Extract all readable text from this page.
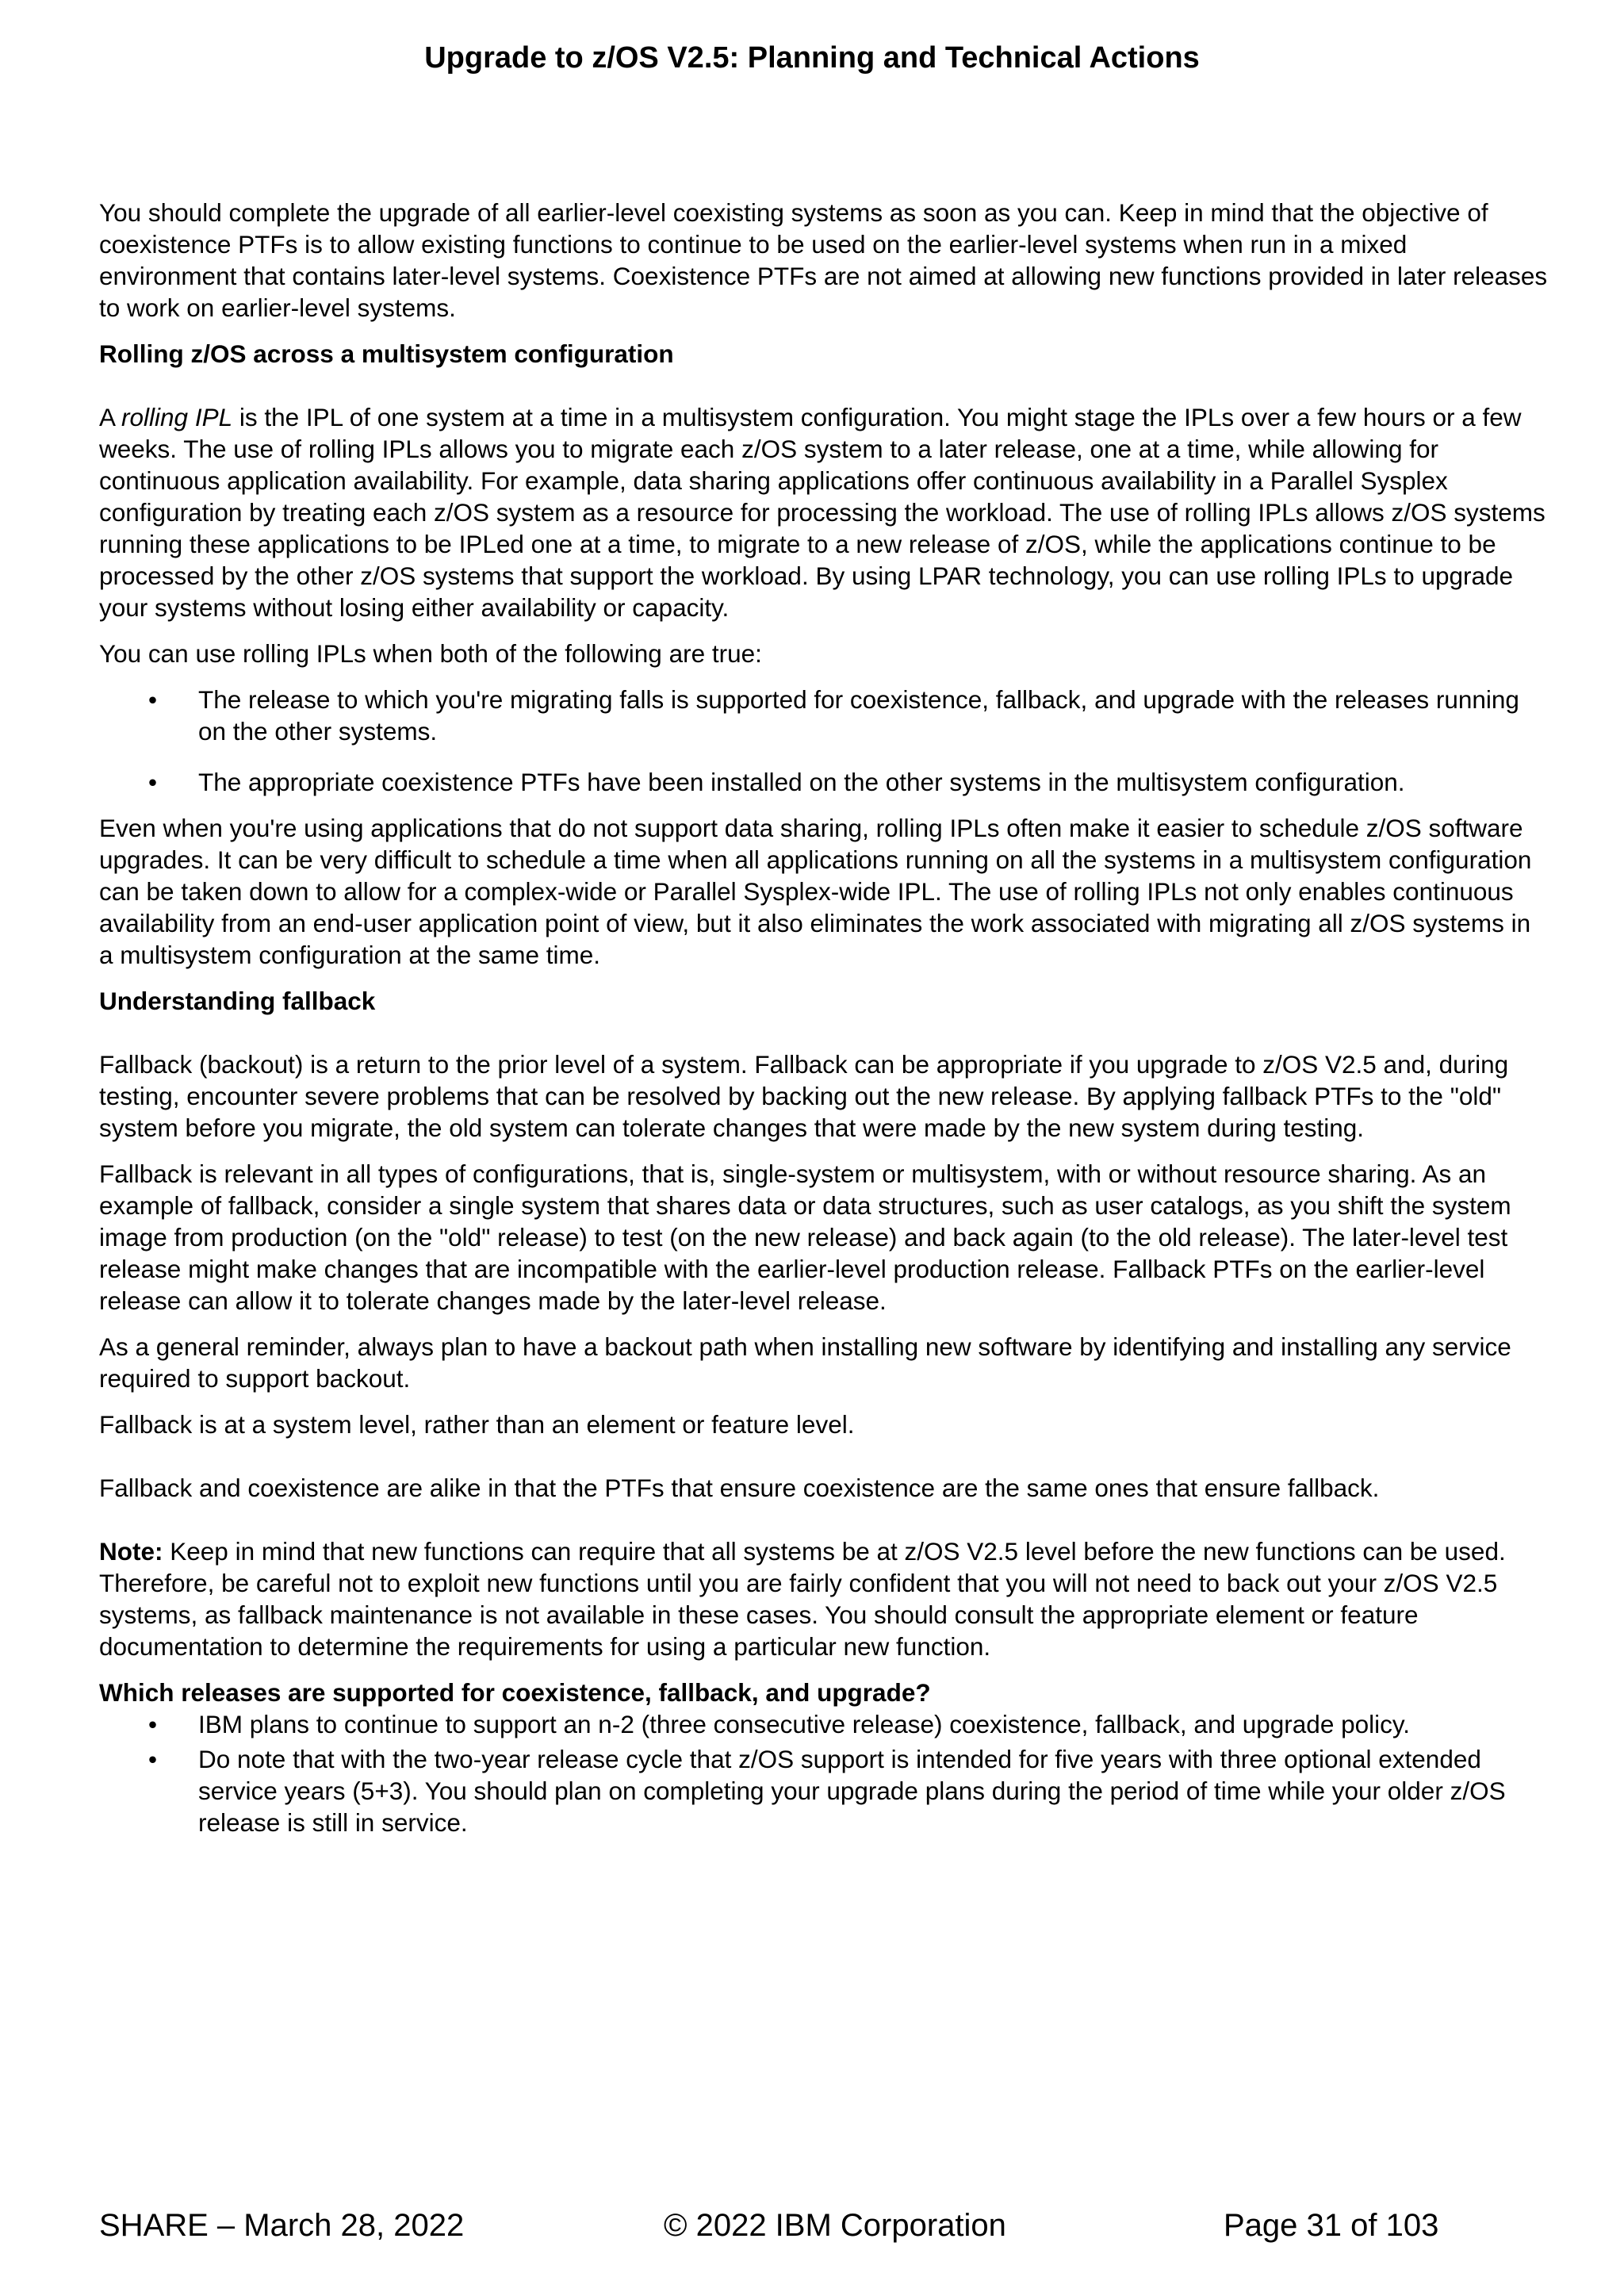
Upgrade to z/OS V2.5: Planning and Technical Actions

You should complete the upgrade of all earlier-level coexisting systems as soon as you can. Keep in mind that the objective of coexistence PTFs is to allow existing functions to continue to be used on the earlier-level systems when run in a mixed environment that contains later-level systems. Coexistence PTFs are not aimed at allowing new functions provided in later releases to work on earlier-level systems.

Rolling z/OS across a multisystem configuration

A rolling IPL is the IPL of one system at a time in a multisystem configuration. You might stage the IPLs over a few hours or a few weeks. The use of rolling IPLs allows you to migrate each z/OS system to a later release, one at a time, while allowing for continuous application availability. For example, data sharing applications offer continuous availability in a Parallel Sysplex configuration by treating each z/OS system as a resource for processing the workload. The use of rolling IPLs allows z/OS systems running these applications to be IPLed one at a time, to migrate to a new release of z/OS, while the applications continue to be processed by the other z/OS systems that support the workload. By using LPAR technology, you can use rolling IPLs to upgrade your systems without losing either availability or capacity.

You can use rolling IPLs when both of the following are true:

• The release to which you're migrating falls is supported for coexistence, fallback, and upgrade with the releases running on the other systems.
• The appropriate coexistence PTFs have been installed on the other systems in the multisystem configuration.

Even when you're using applications that do not support data sharing, rolling IPLs often make it easier to schedule z/OS software upgrades. It can be very difficult to schedule a time when all applications running on all the systems in a multisystem configuration can be taken down to allow for a complex-wide or Parallel Sysplex-wide IPL. The use of rolling IPLs not only enables continuous availability from an end-user application point of view, but it also eliminates the work associated with migrating all z/OS systems in a multisystem configuration at the same time.

Understanding fallback

Fallback (backout) is a return to the prior level of a system. Fallback can be appropriate if you upgrade to z/OS V2.5 and, during testing, encounter severe problems that can be resolved by backing out the new release. By applying fallback PTFs to the "old" system before you migrate, the old system can tolerate changes that were made by the new system during testing.

Fallback is relevant in all types of configurations, that is, single-system or multisystem, with or without resource sharing. As an example of fallback, consider a single system that shares data or data structures, such as user catalogs, as you shift the system image from production (on the "old" release) to test (on the new release) and back again (to the old release). The later-level test release might make changes that are incompatible with the earlier-level production release. Fallback PTFs on the earlier-level release can allow it to tolerate changes made by the later-level release.

As a general reminder, always plan to have a backout path when installing new software by identifying and installing any service required to support backout.

Fallback is at a system level, rather than an element or feature level.

Fallback and coexistence are alike in that the PTFs that ensure coexistence are the same ones that ensure fallback.

Note: Keep in mind that new functions can require that all systems be at z/OS V2.5 level before the new functions can be used. Therefore, be careful not to exploit new functions until you are fairly confident that you will not need to back out your z/OS V2.5 systems, as fallback maintenance is not available in these cases. You should consult the appropriate element or feature documentation to determine the requirements for using a particular new function.

Which releases are supported for coexistence, fallback, and upgrade?
• IBM plans to continue to support an n-2 (three consecutive release) coexistence, fallback, and upgrade policy.
• Do note that with the two-year release cycle that z/OS support is intended for five years with three optional extended service years (5+3). You should plan on completing your upgrade plans during the period of time while your older z/OS release is still in service.
SHARE – March 28, 2022	© 2022 IBM Corporation	Page 31 of 103
